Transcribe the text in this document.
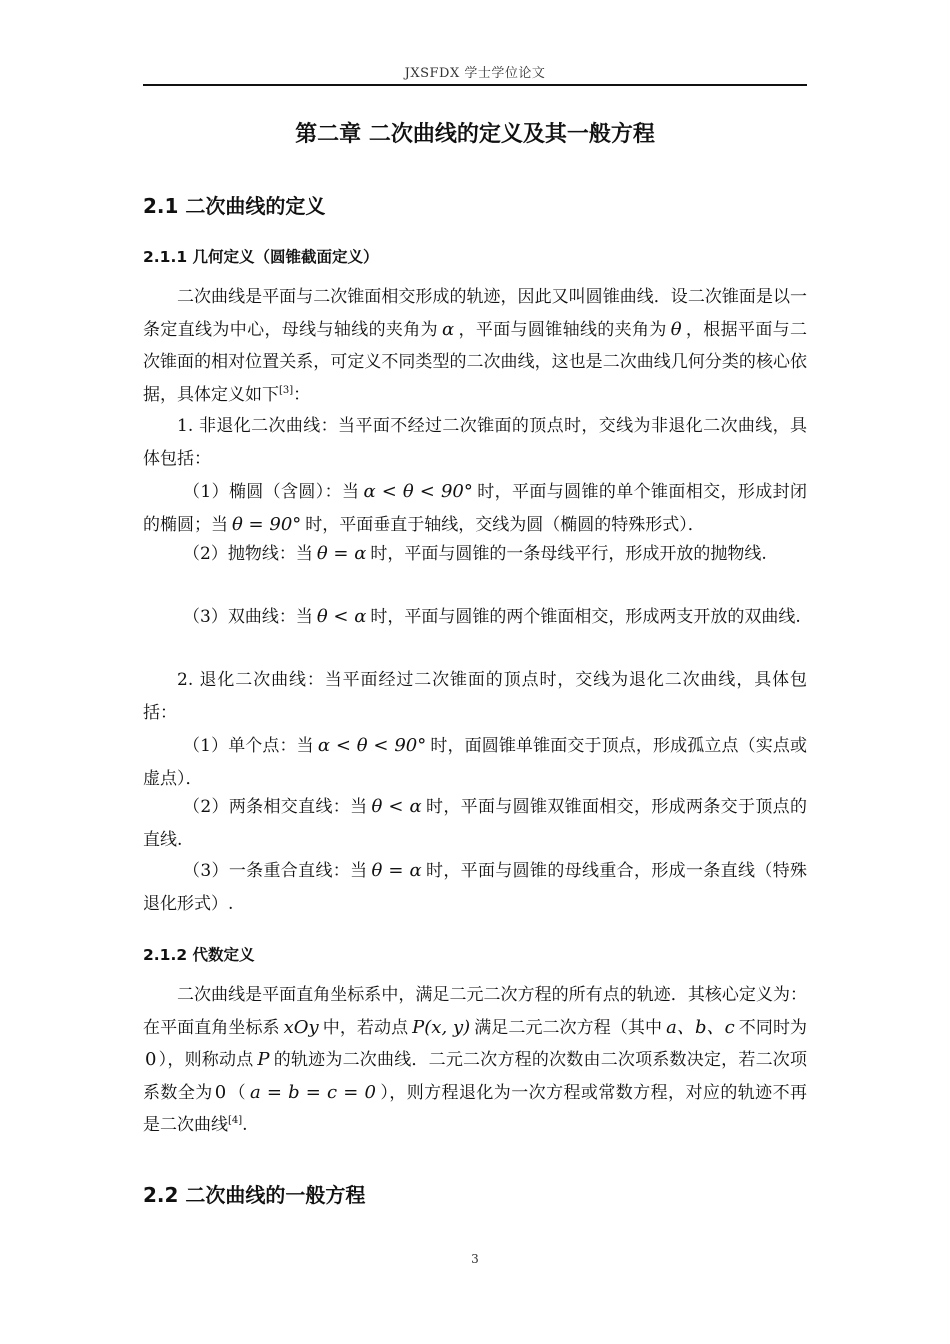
JXSFDX 学士学位论文
第二章 二次曲线的定义及其一般方程
2.1 二次曲线的定义
2.1.1 几何定义（圆锥截面定义）

二次曲线是平面与二次锥面相交形成的轨迹，因此又叫圆锥曲线．设二次锥面是以一条定直线为中心，母线与轴线的夹角为 α ，平面与圆锥轴线的夹角为 θ ，根据平面与二次锥面的相对位置关系，可定义不同类型的二次曲线，这也是二次曲线几何分类的核心依据，具体定义如下[3]：

1. 非退化二次曲线：当平面不经过二次锥面的顶点时，交线为非退化二次曲线，具体包括：

（1）椭圆（含圆）：当 α < θ < 90° 时，平面与圆锥的单个锥面相交，形成封闭的椭圆；当 θ = 90° 时，平面垂直于轴线，交线为圆（椭圆的特殊形式）．

（2）抛物线：当 θ = α 时，平面与圆锥的一条母线平行，形成开放的抛物线.

（3）双曲线：当 θ < α 时，平面与圆锥的两个锥面相交，形成两支开放的双曲线.

2. 退化二次曲线：当平面经过二次锥面的顶点时，交线为退化二次曲线，具体包括：

（1）单个点：当 α < θ < 90° 时，面圆锥单锥面交于顶点，形成孤立点（实点或虚点）．

（2）两条相交直线：当 θ < α 时，平面与圆锥双锥面相交，形成两条交于顶点的直线.

（3）一条重合直线：当 θ = α 时，平面与圆锥的母线重合，形成一条直线（特殊退化形式）.

2.1.2 代数定义

二次曲线是平面直角坐标系中，满足二元二次方程的所有点的轨迹．其核心定义为：在平面直角坐标系 xOy 中，若动点 P(x, y) 满足二元二次方程（其中 a、b、c 不同时为0 ），则称动点 P 的轨迹为二次曲线．二元二次方程的次数由二次项系数决定，若二次项系数全为 0 （ a = b = c = 0 ），则方程退化为一次方程或常数方程，对应的轨迹不再是二次曲线[4].

2.2 二次曲线的一般方程
3
